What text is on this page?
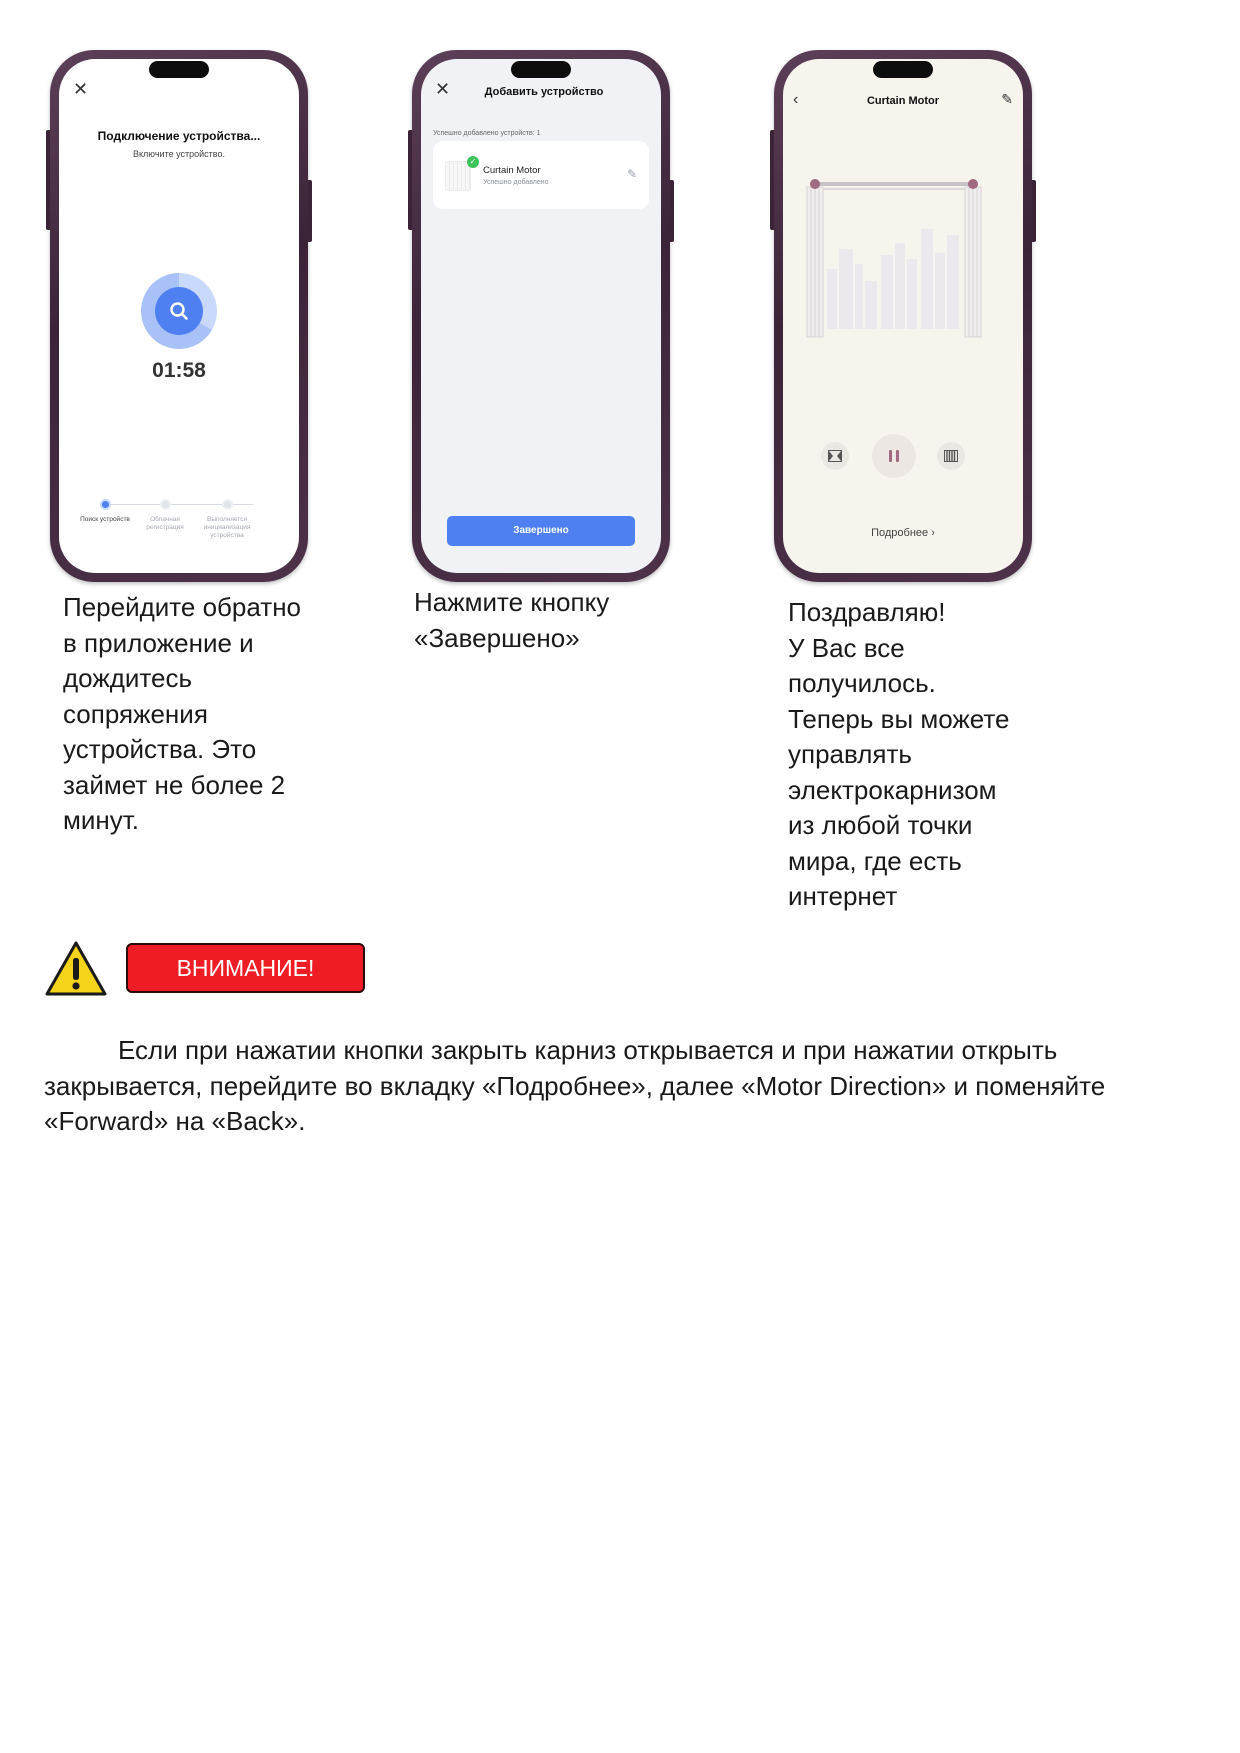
✕
Подключение устройства...
Включите устройство.
01:58
Поиск устройств	Облачная регистрация
Выполняется инициализация устройства
✕	Добавить устройство
Успешно добавлено устройств: 1
✓
Curtain Motor
Успешно добавлено
✎
Завершено
‹	Curtain Motor	✎
Подробнее ›
Перейдите обратно
в приложение и
дождитесь
сопряжения
устройства. Это
займет не более 2
минут.
Нажмите кнопку
«Завершено»
Поздравляю!
У Вас все
получилось.
Теперь вы можете
управлять
электрокарнизом
из любой точки
мира, где есть
интернет
ВНИМАНИЕ!
Если при нажатии кнопки закрыть карниз открывается и при нажатии открыть закрывается, перейдите во вкладку «Подробнее», далее «Motor Direction» и поменяйте «Forward» на «Back».
